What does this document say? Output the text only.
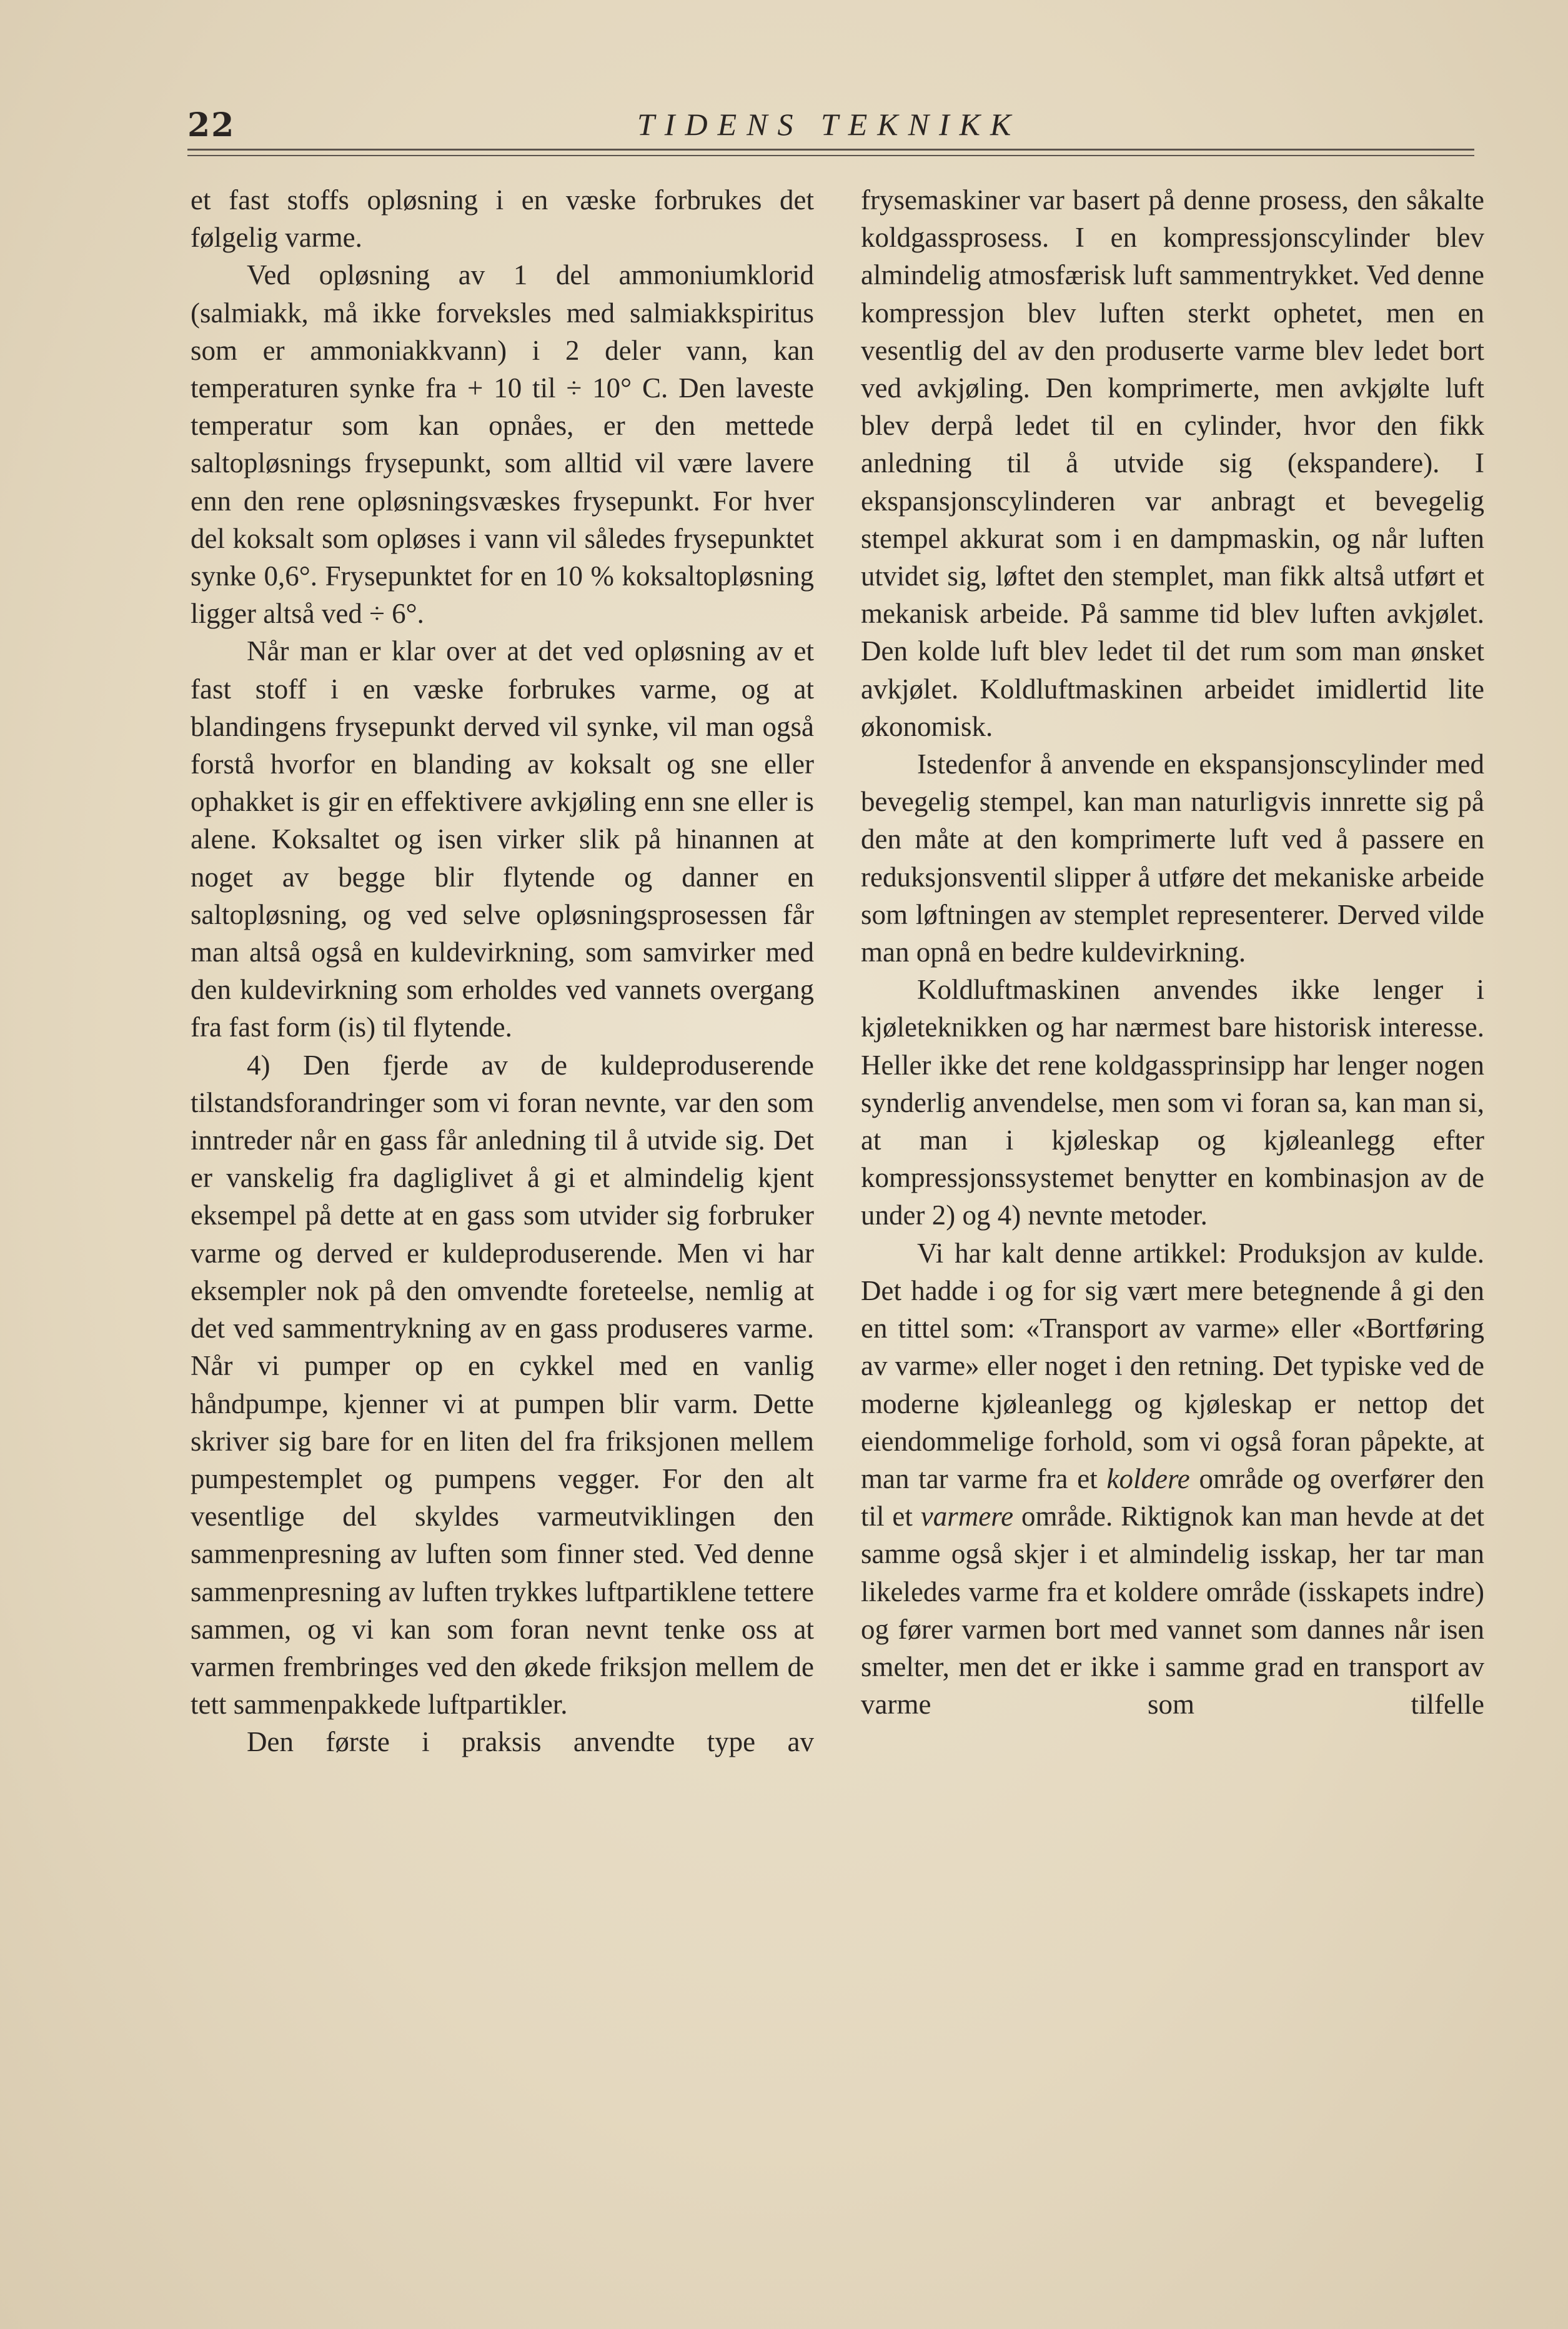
22	TIDENS TEKNIKK

et fast stoffs opløsning i en væske forbrukes det følgelig varme.

Ved opløsning av 1 del ammoniumklorid (salmiakk, må ikke forveksles med salmiakkspiritus som er ammoniakkvann) i 2 deler vann, kan temperaturen synke fra + 10 til ÷ 10° C. Den laveste temperatur som kan opnåes, er den mettede saltopløsnings frysepunkt, som alltid vil være lavere enn den rene opløsningsvæskes frysepunkt. For hver del koksalt som opløses i vann vil således frysepunktet synke 0,6°. Frysepunktet for en 10 % koksaltopløsning ligger altså ved ÷ 6°.

Når man er klar over at det ved opløsning av et fast stoff i en væske forbrukes varme, og at blandingens frysepunkt derved vil synke, vil man også forstå hvorfor en blanding av koksalt og sne eller ophakket is gir en effektivere avkjøling enn sne eller is alene. Koksaltet og isen virker slik på hinannen at noget av begge blir flytende og danner en saltopløsning, og ved selve opløsningsprosessen får man altså også en kuldevirkning, som samvirker med den kuldevirkning som erholdes ved vannets overgang fra fast form (is) til flytende.

4) Den fjerde av de kuldeproduserende tilstandsforandringer som vi foran nevnte, var den som inntreder når en gass får anledning til å utvide sig. Det er vanskelig fra dagliglivet å gi et almindelig kjent eksempel på dette at en gass som utvider sig forbruker varme og derved er kuldeproduserende. Men vi har eksempler nok på den omvendte foreteelse, nemlig at det ved sammentrykning av en gass produseres varme. Når vi pumper op en cykkel med en vanlig håndpumpe, kjenner vi at pumpen blir varm. Dette skriver sig bare for en liten del fra friksjonen mellem pumpestemplet og pumpens vegger. For den alt vesentlige del skyldes varmeutviklingen den sammenpresning av luften som finner sted. Ved denne sammenpresning av luften trykkes luftpartiklene tettere sammen, og vi kan som foran nevnt tenke oss at varmen frembringes ved den økede friksjon mellem de tett sammenpakkede luftpartikler.

Den første i praksis anvendte type av

frysemaskiner var basert på denne prosess, den såkalte koldgassprosess. I en kompressjonscylinder blev almindelig atmosfærisk luft sammentrykket. Ved denne kompressjon blev luften sterkt ophetet, men en vesentlig del av den produserte varme blev ledet bort ved avkjøling. Den komprimerte, men avkjølte luft blev derpå ledet til en cylinder, hvor den fikk anledning til å utvide sig (ekspandere). I ekspansjonscylinderen var anbragt et bevegelig stempel akkurat som i en dampmaskin, og når luften utvidet sig, løftet den stemplet, man fikk altså utført et mekanisk arbeide. På samme tid blev luften avkjølet. Den kolde luft blev ledet til det rum som man ønsket avkjølet. Koldluftmaskinen arbeidet imidlertid lite økonomisk.

Istedenfor å anvende en ekspansjonscylinder med bevegelig stempel, kan man naturligvis innrette sig på den måte at den komprimerte luft ved å passere en reduksjonsventil slipper å utføre det mekaniske arbeide som løftningen av stemplet representerer. Derved vilde man opnå en bedre kuldevirkning.

Koldluftmaskinen anvendes ikke lenger i kjøleteknikken og har nærmest bare historisk interesse. Heller ikke det rene koldgassprinsipp har lenger nogen synderlig anvendelse, men som vi foran sa, kan man si, at man i kjøleskap og kjøleanlegg efter kompressjonssystemet benytter en kombinasjon av de under 2) og 4) nevnte metoder.

Vi har kalt denne artikkel: Produksjon av kulde. Det hadde i og for sig vært mere betegnende å gi den en tittel som: «Transport av varme» eller «Bortføring av varme» eller noget i den retning. Det typiske ved de moderne kjøleanlegg og kjøleskap er nettop det eiendommelige forhold, som vi også foran påpekte, at man tar varme fra et koldere område og overfører den til et varmere område. Riktignok kan man hevde at det samme også skjer i et almindelig isskap, her tar man likeledes varme fra et koldere område (isskapets indre) og fører varmen bort med vannet som dannes når isen smelter, men det er ikke i samme grad en transport av varme som tilfelle
